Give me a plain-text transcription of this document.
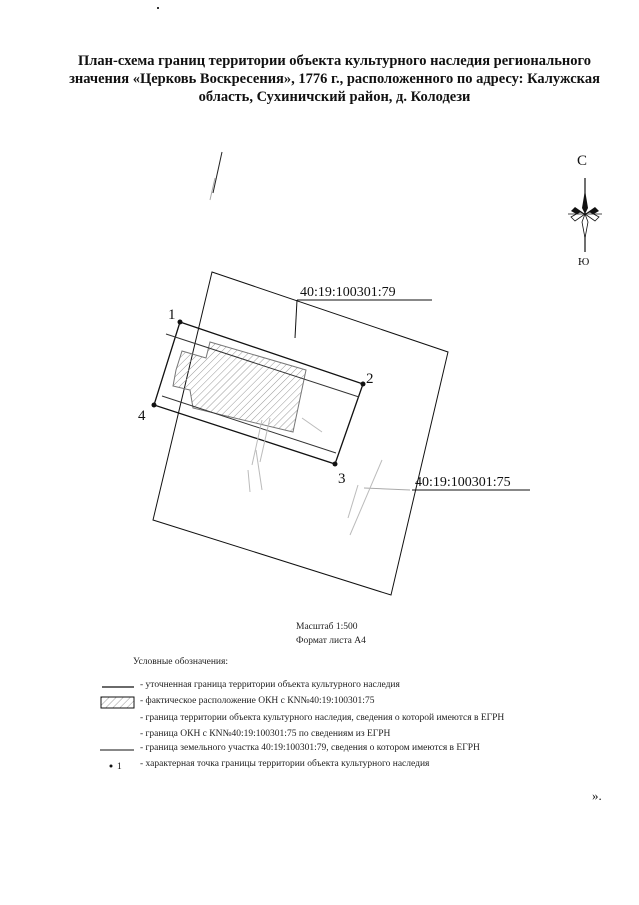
План-схема границ территории объекта культурного наследия регионального
значения «Церковь Воскресения», 1776 г., расположенного по адресу: Калужская
область, Сухиничский район, д. Колодези
1
2
3
4
40:19:100301:79
40:19:100301:75
1
С
Ю
Масштаб 1:500
Формат листа А4
Условные обозначения:
- уточненная граница территории объекта культурного наследия
- фактическое расположение ОКН с КN№40:19:100301:75
- граница территории объекта культурного наследия, сведения о которой имеются в ЕГРН
- граница ОКН с КN№40:19:100301:75 по сведениям из ЕГРН
- граница земельного участка 40:19:100301:79, сведения о котором имеются в ЕГРН
- характерная точка границы территории объекта культурного наследия
».
